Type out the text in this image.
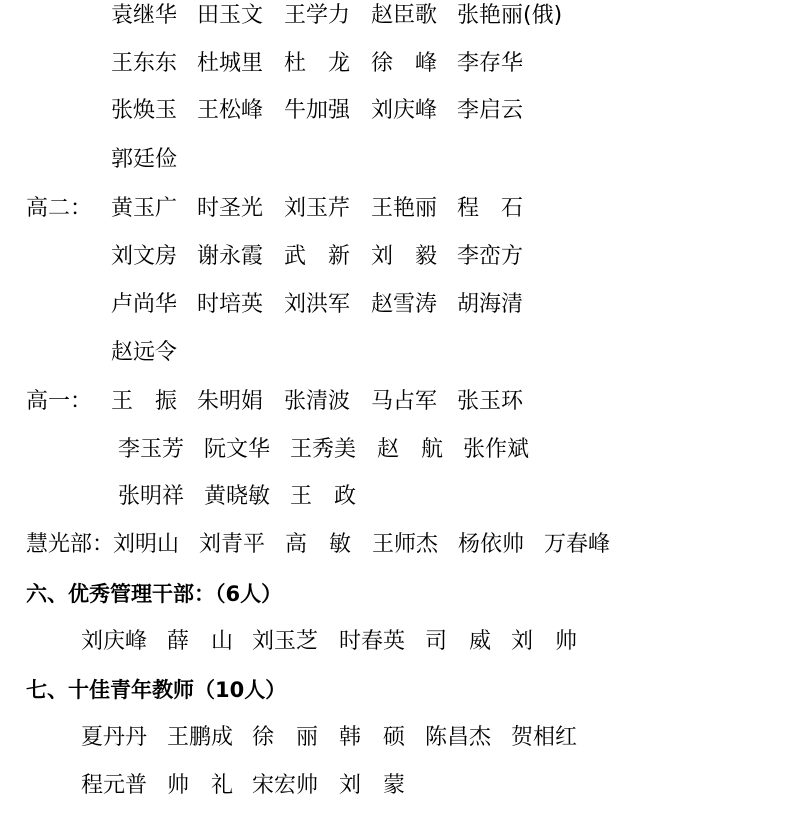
袁继华 田玉文 王学力 赵臣歌 张艳丽(俄)
王东东 杜城里 杜　龙 徐　峰 李存华
张焕玉 王松峰 牛加强 刘庆峰 李启云
郭廷俭
高二： 黄玉广 时圣光 刘玉芹 王艳丽 程　石
刘文房 谢永霞 武　新 刘　毅 李峦方
卢尚华 时培英 刘洪军 赵雪涛 胡海清
赵远令
高一： 王　振 朱明娟 张清波 马占军 张玉环
李玉芳 阮文华 王秀美 赵　航 张作斌
张明祥 黄晓敏 王　政
慧光部：
刘明山 刘青平 高　敏 王师杰 杨依帅 万春峰
六、优秀管理干部：（6人）
刘庆峰 薛　山 刘玉芝 时春英 司　威 刘　帅
七、十佳青年教师（10人）
夏丹丹 王鹏成 徐　丽 韩　硕 陈昌杰 贺相红
程元普 帅　礼 宋宏帅 刘　蒙
